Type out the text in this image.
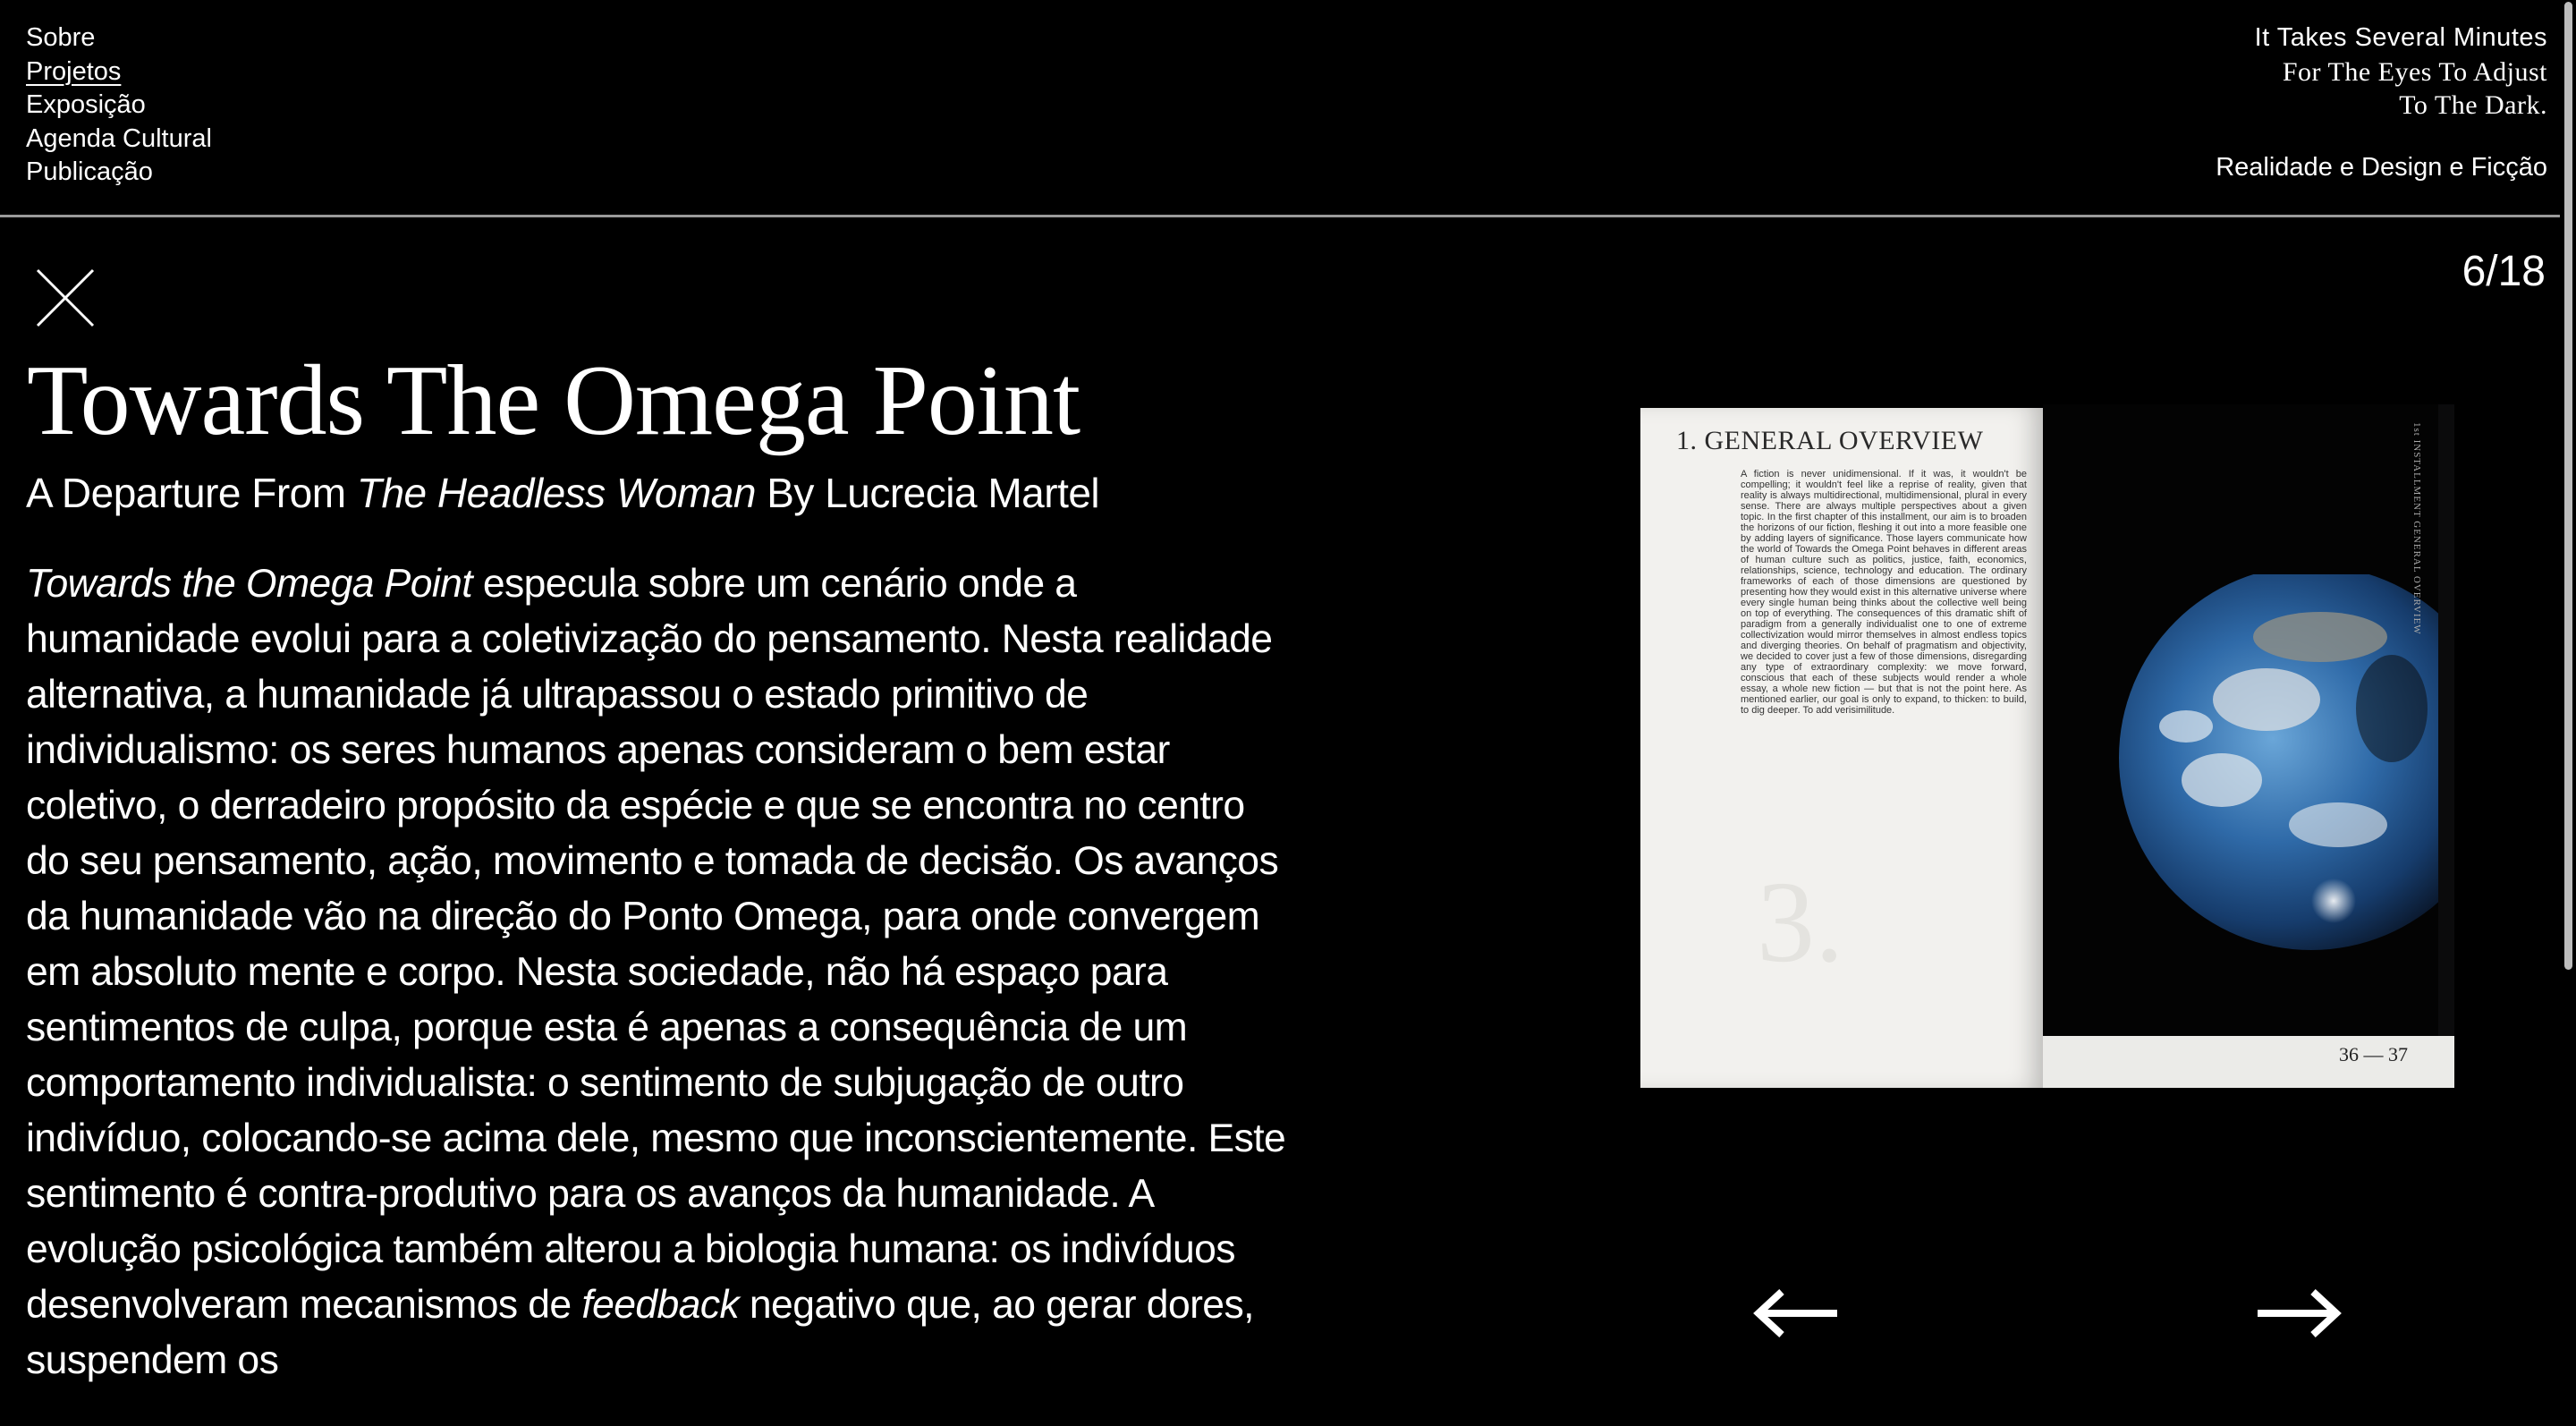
Sobre
Projetos
Exposição
Agenda Cultural
Publicação
It Takes Several Minutes
For The Eyes To Adjust
To The Dark.
Realidade e Design e Ficção
6/18
Towards The Omega Point
A Departure From The Headless Woman By Lucrecia Martel

Towards the Omega Point especula sobre um cenário onde a humanidade evolui para a coletivização do pensamento. Nesta realidade alternativa, a humanidade já ultrapassou o estado primitivo de individualismo: os seres humanos apenas consideram o bem estar coletivo, o derradeiro propósito da espécie e que se encontra no centro do seu pensamento, ação, movimento e tomada de decisão. Os avanços da humanidade vão na direção do Ponto Omega, para onde convergem em absoluto mente e corpo. Nesta sociedade, não há espaço para sentimentos de culpa, porque esta é apenas a consequência de um comportamento individualista: o sentimento de subjugação de outro indivíduo, colocando-se acima dele, mesmo que inconscientemente. Este sentimento é contra-produtivo para os avanços da humanidade. A evolução psicológica também alterou a biologia humana: os indivíduos desenvolveram mecanismos de feedback negativo que, ao gerar dores, suspendem os

1. GENERAL OVERVIEW

A fiction is never unidimensional. If it was, it wouldn't be compelling; it wouldn't feel like a reprise of reality, given that reality is always multidirectional, multidimensional, plural in every sense. There are always multiple perspectives about a given topic. In the first chapter of this installment, our aim is to broaden the horizons of our fiction, fleshing it out into a more feasible one by adding layers of significance. Those layers communicate how the world of Towards the Omega Point behaves in different areas of human culture such as politics, justice, faith, economics, relationships, science, technology and education. The ordinary frameworks of each of those dimensions are questioned by presenting how they would exist in this alternative universe where every single human being thinks about the collective well being on top of everything. The consequences of this dramatic shift of paradigm from a generally individualist one to one of extreme collectivization would mirror themselves in almost endless topics and diverging theories. On behalf of pragmatism and objectivity, we decided to cover just a few of those dimensions, disregarding any type of extraordinary complexity: we move forward, conscious that each of these subjects would render a whole essay, a whole new fiction — but that is not the point here. As mentioned earlier, our goal is only to expand, to thicken: to build, to dig deeper. To add verisimilitude.

3.
1st INSTALLMENT GENERAL OVERVIEW
36 — 37
